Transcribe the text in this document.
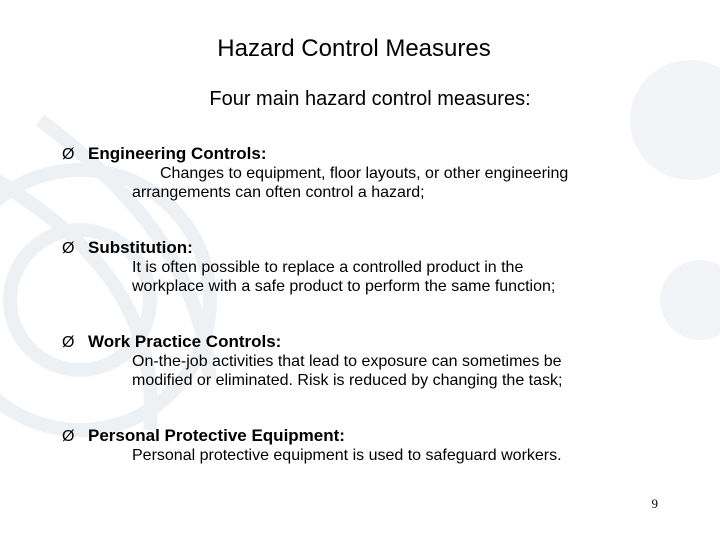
Hazard Control Measures
Four main hazard control measures:
Ø Engineering Controls:
Changes to equipment, floor layouts, or other engineering
arrangements can often control a hazard;
Ø Substitution:
It is often possible to replace a controlled product in the
workplace with a safe product to perform the same function;
Ø Work Practice Controls:
On-the-job activities that lead to exposure can sometimes be
modified or eliminated. Risk is reduced by changing the task;
Ø Personal Protective Equipment:
Personal protective equipment is used to safeguard workers.
9
